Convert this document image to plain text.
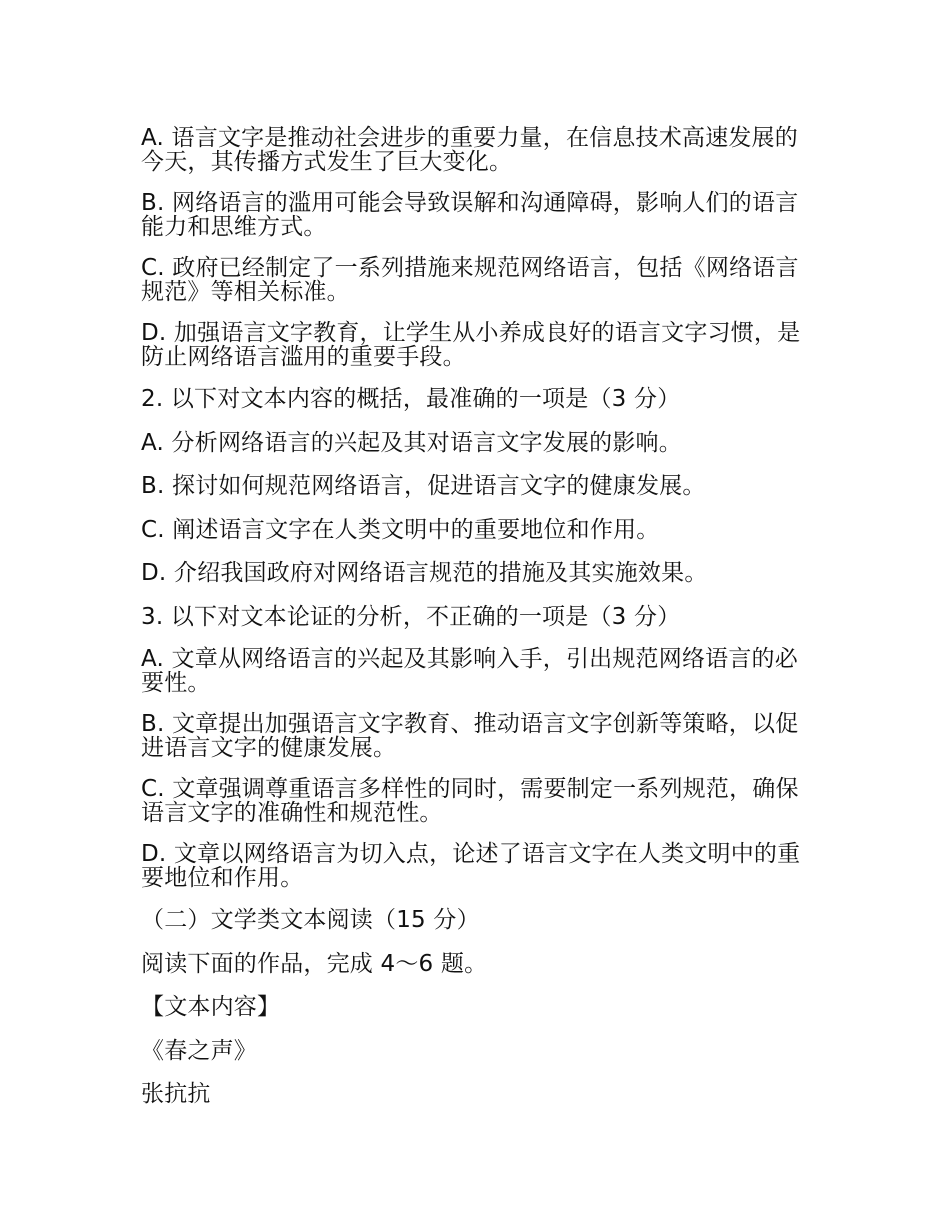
A. 语言文字是推动社会进步的重要力量，在信息技术高速发展的今天，其传播方式发生了巨大变化。

B. 网络语言的滥用可能会导致误解和沟通障碍，影响人们的语言能力和思维方式。

C. 政府已经制定了一系列措施来规范网络语言，包括《网络语言规范》等相关标准。

D. 加强语言文字教育，让学生从小养成良好的语言文字习惯，是防止网络语言滥用的重要手段。

2. 以下对文本内容的概括，最准确的一项是（3 分）

A. 分析网络语言的兴起及其对语言文字发展的影响。

B. 探讨如何规范网络语言，促进语言文字的健康发展。

C. 阐述语言文字在人类文明中的重要地位和作用。

D. 介绍我国政府对网络语言规范的措施及其实施效果。

3. 以下对文本论证的分析，不正确的一项是（3 分）

A. 文章从网络语言的兴起及其影响入手，引出规范网络语言的必要性。

B. 文章提出加强语言文字教育、推动语言文字创新等策略，以促进语言文字的健康发展。

C. 文章强调尊重语言多样性的同时，需要制定一系列规范，确保语言文字的准确性和规范性。

D. 文章以网络语言为切入点，论述了语言文字在人类文明中的重要地位和作用。

（二）文学类文本阅读（15 分）

阅读下面的作品，完成 4～6 题。

【文本内容】

《春之声》

张抗抗
